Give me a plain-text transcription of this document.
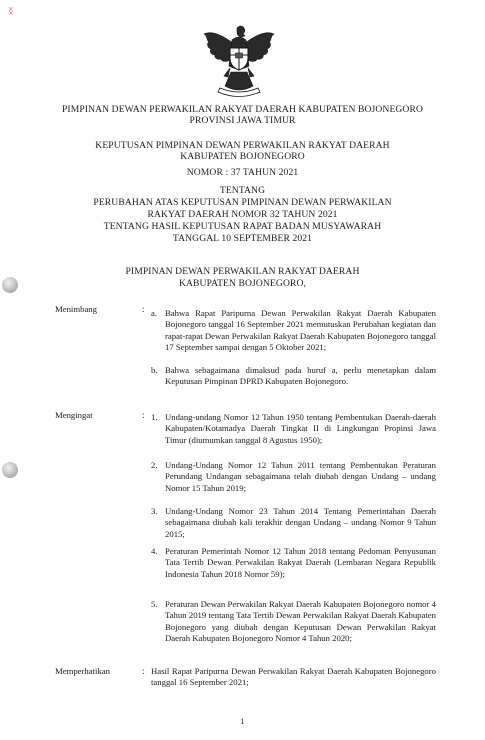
ᛝ
PIMPINAN DEWAN PERWAKILAN RAKYAT DAERAH KABUPATEN BOJONEGORO
PROVINSI JAWA TIMUR
KEPUTUSAN PIMPINAN DEWAN PERWAKILAN RAKYAT DAERAH
KABUPATEN BOJONEGORO
NOMOR : 37 TAHUN 2021
TENTANG
PERUBAHAN ATAS KEPUTUSAN PIMPINAN DEWAN PERWAKILAN
RAKYAT DAERAH NOMOR 32 TAHUN 2021
TENTANG HASIL KEPUTUSAN RAPAT BADAN MUSYAWARAH
TANGGAL 10 SEPTEMBER 2021
PIMPINAN DEWAN PERWAKILAN RAKYAT DAERAH
KABUPATEN BOJONEGORO,
Menimbang	: a. Bahwa Rapat Paripurna Dewan Perwakilan Rakyat Daerah Kabupaten Bojonegoro tanggal 16 September 2021 memutuskan Perubahan kegiatan dan rapat-rapat Dewan Perwakilan Rakyat Daerah Kabupaten Bojonegoro tanggal 17 September sampai dengan 5 Oktober 2021;
b. Bahwa sebagaimana dimaksud pada huruf a, perlu menetapkan dalam Keputusan Pimpinan DPRD Kabupaten Bojonegoro.
Mengingat	: 1. Undang-undang Nomor 12 Tahun 1950 tentang Pembentukan Daerah-daerah Kabupaten/Kotamadya Daerah Tingkat II di Lingkungan Propinsi Jawa Timur (diumumkan tanggal 8 Agustus 1950);
2. Undang-Undang Nomor 12 Tahun 2011 tentang Pembentukan Peraturan Perundang Undangan sebagaimana telah diubah dengan Undang – undang Nomor 15 Tahun 2019;
3. Undang-Undang Nomor 23 Tahun 2014 Tentang Pemerintahan Daerah sebagaimana diubah kali terakhir dengan Undang – undang Nomor 9 Tahun 2015;
4. Peraturan Pemerintah Nomor 12 Tahun 2018 tentang Pedoman Penyusunan Tata Tertib Dewan Perwakilan Rakyat Daerah (Lembaran Negara Republik Indonesia Tahun 2018 Nomor 59);
5. Peraturan Dewan Perwakilan Rakyat Daerah Kabupaten Bojonegoro nomor 4 Tahun 2019 tentang Tata Tertib Dewan Perwakilan Rakyat Daerah Kabupaten Bojonegoro yang diubah dengan Keputusan Dewan Perwakilan Rakyat Daerah Kabupaten Bojonegoro Nomor 4 Tahun 2020;
Memperhatikan	: Hasil Rapat Paripurna Dewan Perwakilan Rakyat Daerah Kabupaten Bojonegoro tanggal 16 September 2021;
1
